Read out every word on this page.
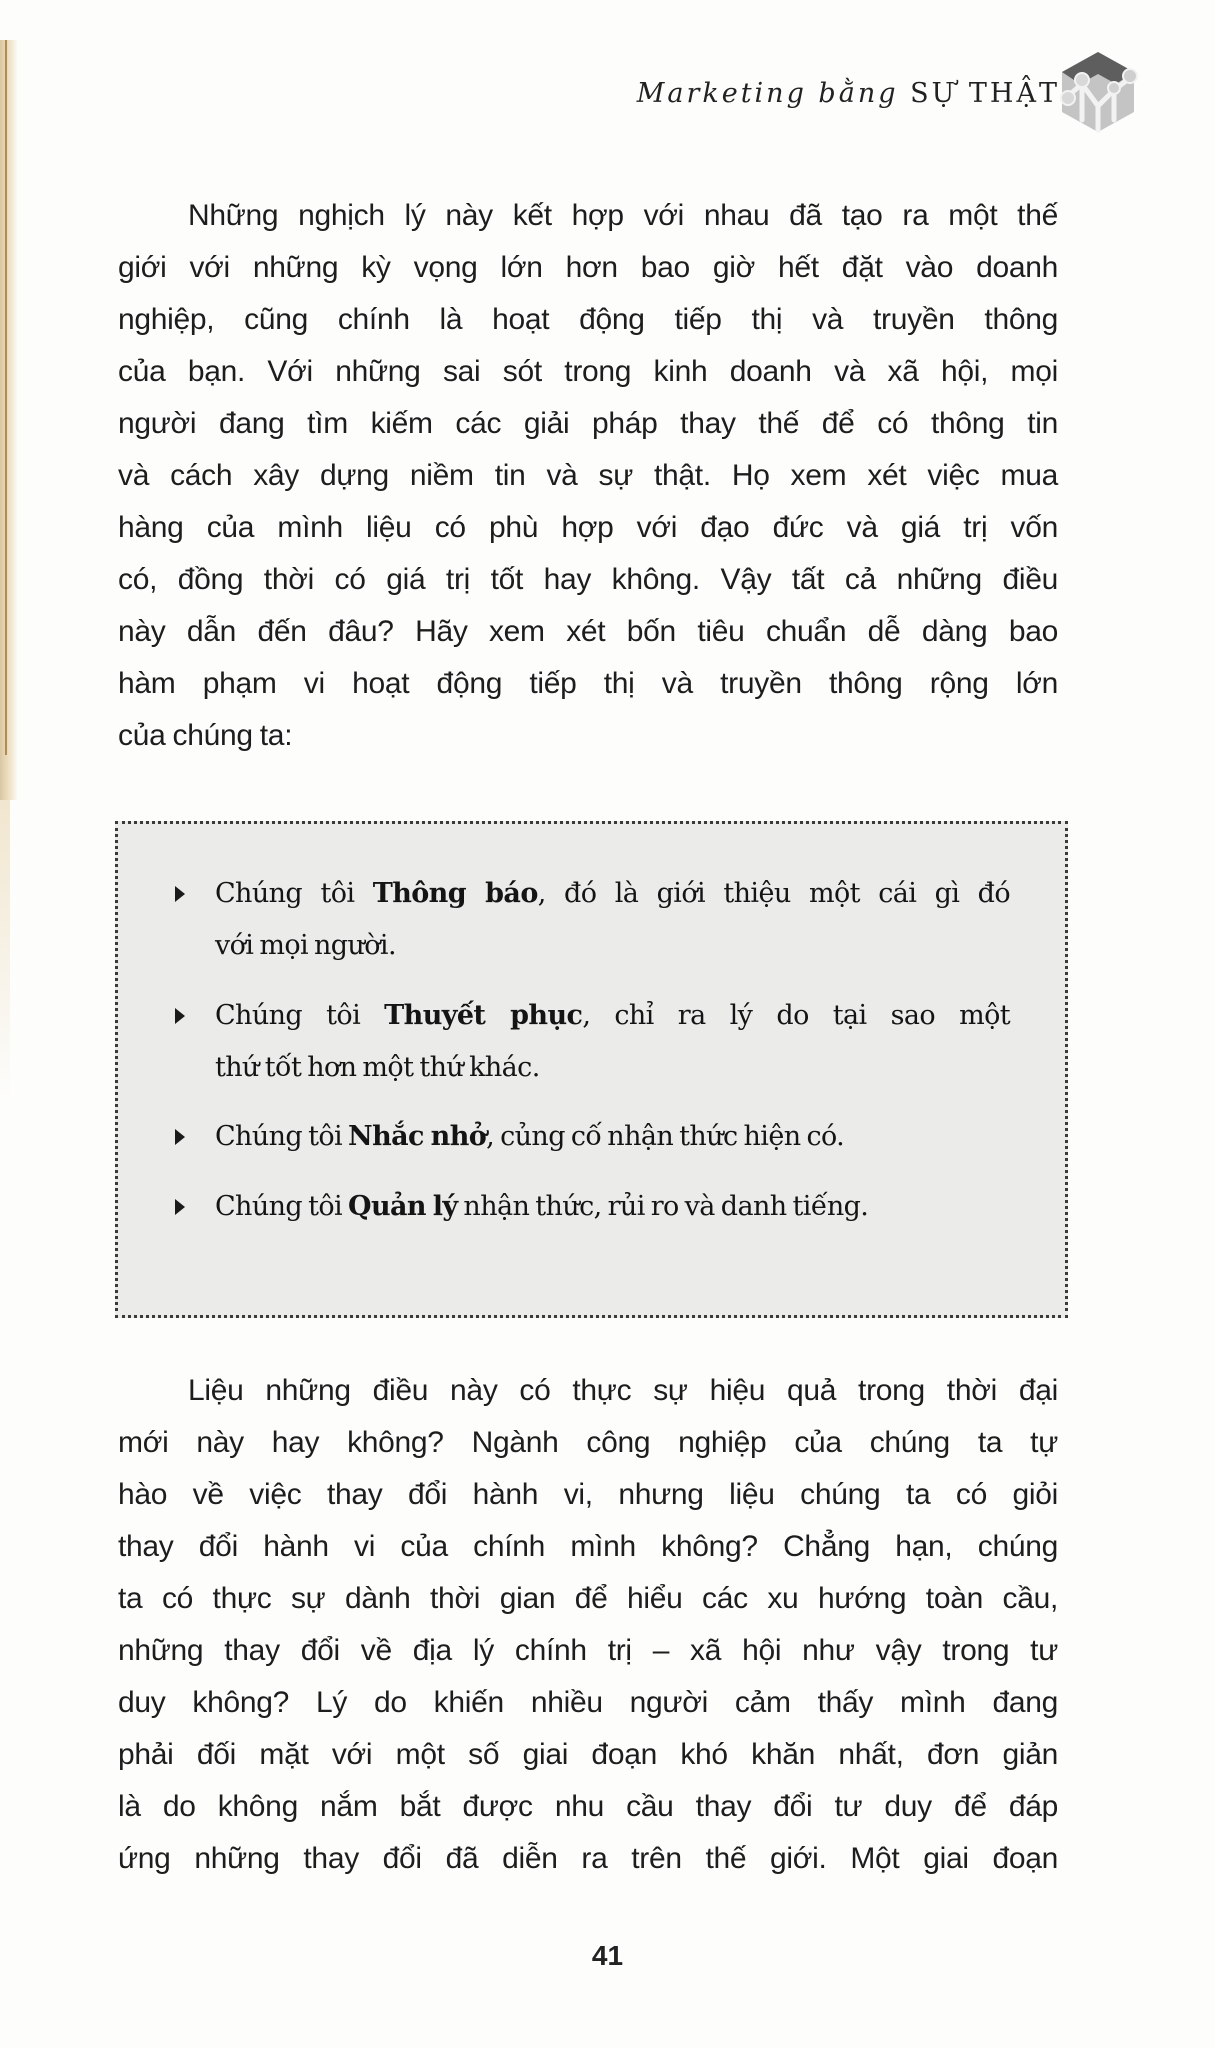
Marketing bằng SỰ THẬT
Những nghịch lý này kết hợp với nhau đã tạo ra một thế
giới với những kỳ vọng lớn hơn bao giờ hết đặt vào doanh
nghiệp, cũng chính là hoạt động tiếp thị và truyền thông
của bạn. Với những sai sót trong kinh doanh và xã hội, mọi
người đang tìm kiếm các giải pháp thay thế để có thông tin
và cách xây dựng niềm tin và sự thật. Họ xem xét việc mua
hàng của mình liệu có phù hợp với đạo đức và giá trị vốn
có, đồng thời có giá trị tốt hay không. Vậy tất cả những điều
này dẫn đến đâu? Hãy xem xét bốn tiêu chuẩn dễ dàng bao
hàm phạm vi hoạt động tiếp thị và truyền thông rộng lớn
của chúng ta:
Chúng tôi Thông báo, đó là giới thiệu một cái gì đó
với mọi người.
Chúng tôi Thuyết phục, chỉ ra lý do tại sao một
thứ tốt hơn một thứ khác.
Chúng tôi Nhắc nhở, củng cố nhận thức hiện có.
Chúng tôi Quản lý nhận thức, rủi ro và danh tiếng.
Liệu những điều này có thực sự hiệu quả trong thời đại
mới này hay không? Ngành công nghiệp của chúng ta tự
hào về việc thay đổi hành vi, nhưng liệu chúng ta có giỏi
thay đổi hành vi của chính mình không? Chẳng hạn, chúng
ta có thực sự dành thời gian để hiểu các xu hướng toàn cầu,
những thay đổi về địa lý chính trị – xã hội như vậy trong tư
duy không? Lý do khiến nhiều người cảm thấy mình đang
phải đối mặt với một số giai đoạn khó khăn nhất, đơn giản
là do không nắm bắt được nhu cầu thay đổi tư duy để đáp
ứng những thay đổi đã diễn ra trên thế giới. Một giai đoạn
41
